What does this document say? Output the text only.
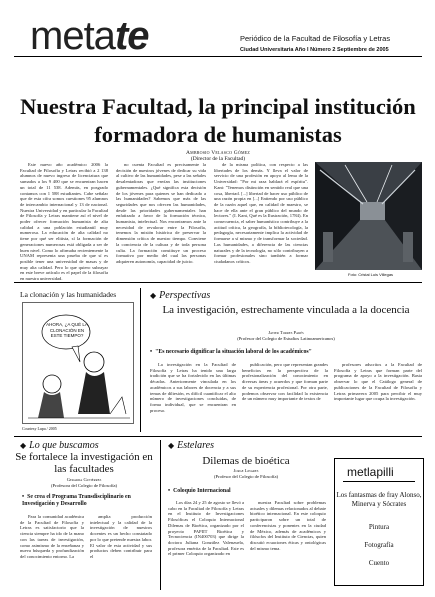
metate	Periódico de la Facultad de Filosofía y Letras
Ciudad Universitaria Año I Número 2 Septiembre de 2005
Nuestra Facultad, la principal institución formadora de humanistas
Ambrosio Velasco Gómez
(Director de la Facultad)

Este nuevo año académico 2006 la Facultad de Filosofía y Letras recibió a 2 138 alumnos de nuevo ingreso de licenciatura que sumados a los 9 400 que se encuentran hacen un total de 11 538. Además, en posgrado contamos con 1 588 estudiantes. Cabe señalar que de esta cifra somos cuestiones 95 alumnos de intercambio internacional y 13 de nacional. Nuestra Universidad y en particular la Facultad de Filosofía y Letras mantiene así el nivel de poder ofrecer formación humanista de alta calidad a una población estudiantil muy numerosa. La educación de alta calidad no tiene por qué ser elitista, sí la formación de generaciones numerosas está obligada a ser de buen nivel. Como lo afirmaba recientemente la UNAM representa una prueba de que sí es posible tener una universidad de masas y de muy alta calidad. Pero lo que quiero subrayar en este breve artículo es el papel de la filosofía en nuestra universidad.

no cuenta Facultad es precisamente la decisión de nuestros jóvenes de dedicar su vida al cultivo de las humanidades, pese a las señales desalentadoras que envían las instituciones gubernamentales. ¿Qué significa esta decisión de los jóvenes para quienes se han dedicado a las humanidades? Sabemos que más de las seguridades que nos ofrecen las humanidades, desde las prioridades gubernamentales han enfatizado a favor de la formación técnica, humanista, intelectual. Nos encontramos ante la necesidad de revalorar entre la Filosofía, tenemos la misión histórica de preservar la dimensión crítica de nuestro tiempo. Conviene la conciencia de la cultura y de toda persona culta. La formación constituye un proceso formativo por medio del cual las personas adquieren autonomía, capacidad de juicio.

de la misma política, con respecto a las libertades de los demás. Y lleva el valor de servicio de una profesión en apoyo al lema de la Universidad: "Por mi raza hablará el espíritu". Kant: "Tenemos distinción en sentido real que una cosa, libertad. [...] libertad de hacer uso público de una razón propia en [...] Entiendo por uso público de la razón aquel que, en calidad de maestro, se hace de ella ante el gran público del mundo de lectores." (I. Kant, Qué es la Ilustración, 1784). En consecuencia, el saber humanístico contribuye a la actitud crítica, la geografía, la bibliotecología, la pedagogía, necesariamente implica la actividad de formarse a sí mismo y de transformar la sociedad. Las humanidades, a diferencia de las ciencias naturales y de la tecnología, no sólo contribuyen a formar profesionales sino también a formar ciudadanos críticos.

Foto: Cristal Luis Villegas
La clonación y las humanidades
AHORA, ¿A QUÉ LA CLONACIÓN EN ESTE TIEMPO?
Courtesy Lupa / 2005
◆ Perspectivas
La investigación, estrechamente vinculada a la docencia
Javier Torres Parés
(Profesor del Colegio de Estudios Latinoamericanos)
• "Es necesario dignificar la situación laboral de los académicos"

La investigación en la Facultad de Filosofía y Letras ha tenido una larga tradición que se ha fortalecido en las últimas décadas. Anteriormente vinculada en los académicos a sus labores de docencia y a sus temas de diltesión, es difícil cuantificar el alto número de investigaciones concluidas, de forma individual, que se encuentran en proceso.

publicación, pero que representan grandes beneficios en la perspectiva de la profesionalización del conocimiento en diversas áreas y acuerdos y que forman parte de su experiencia profesional. Por otra parte, podemos observar con facilidad la existencia de un número muy importante de textos de

profesores adscritos a la Facultad de Filosofía y Letras que forman parte del programa de apoyo a la investigación. Basta observar lo que el Catálogo general de publicaciones de la Facultad de Filosofía y Letras primavera 2005 para percibir el muy importante lugar que ocupa la investigación.

◆ Lo que buscamos
Se fortalece la investigación en las facultades
Gerarda Gutiérrez
(Profesora del Colegio de Filosofía)
• Se crea el Programa Transdisciplinario en Investigación y Desarrollo

Para la comunidad académica de la Facultad de Filosofía y Letras es satisfactorio que la ciencia siempre ha ido de la mano con las tareas de investigación, como asimismo de la enseñanza y nueva búsqueda y profundización del conocimiento entorno. La

amplia producción intelectual y la calidad de la investigación de nuestros docentes es un hecho constatado por lo que pretende nuestra labor. El valor de esta actividad y sus productos deben contribuir para el

◆ Estelares
Dilemas de bioética
Jorge Linares
(Profesor del Colegio de Filosofía)
• Coloquio Internacional

Los días 24 y 25 de agosto se llevó a cabo en la Facultad de Filosofía y Letras en el Instituto de Investigaciones Filosóficas el Coloquio Internacional Dilemas de Bioética, organizado por el proyecto PAPIIT Bioética y Tecnociencia (IN400703) que dirige la doctora Juliana González Valenzuela, profesora emérita de la Facultad. Este es el primer Coloquio organizado en

nuestra Facultad sobre problemas actuales y dilemas relacionados al debate bioético internacional. En este coloquio participaron sobre un total de conferencistas y ponentes en la ciudad de México, además de académicos y filósofos del Instituto de Ciencias, quien discutió ecuaciones éticas y ontológicas del mismo tema.

metlapilli
Los fantasmas de fray Alonso, Minerva y Sócrates
Pintura
Fotografía
Cuento
